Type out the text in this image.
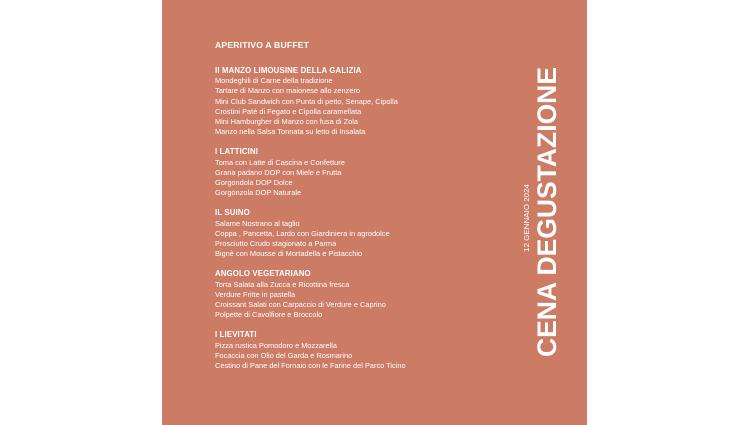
APERITIVO A BUFFET
Il MANZO LIMOUSINE DELLA GALIZIA
Mondeghili di Carne della tradizione
Tartare di Manzo con maionese allo zenzero
Mini Club Sandwich con Punta di petto, Senape, Cipolla
Crostini Paté di Fegato e Cipolla caramellata
Mini Hamburgher di Manzo con fusa di Zola
Manzo nella Salsa Tonnata su letto di Insalata
I LATTICINI
Toma con Latte di Cascina e Confetture
Grana padano DOP con Miele e Frutta
Gorgondola DOP Dolce
Gorgonzola DOP Naturale
IL SUINO
Salame Nostrano al taglio
Coppa , Pancetta, Lardo con Giardiniera in agrodolce
Prosciutto Crudo stagionato a Parma
Bignè con Mousse di Mortadella e Pistacchio
ANGOLO VEGETARIANO
Torta Salata alla Zucca e Ricottina fresca
Verdure Fritte in pastella
Croissant Salati con Carpaccio di Verdure e Caprino
Polpette di Cavolfiore e Broccolo
I LIEVITATI
Pizza rustica Pomodoro e Mozzarella
Focaccia con Olio del Garda e Rosmarino
Cestino di Pane del Fornaio con le Farine del Parco Ticino
CENA DEGUSTAZIONE
12 GENNAIO 2024
